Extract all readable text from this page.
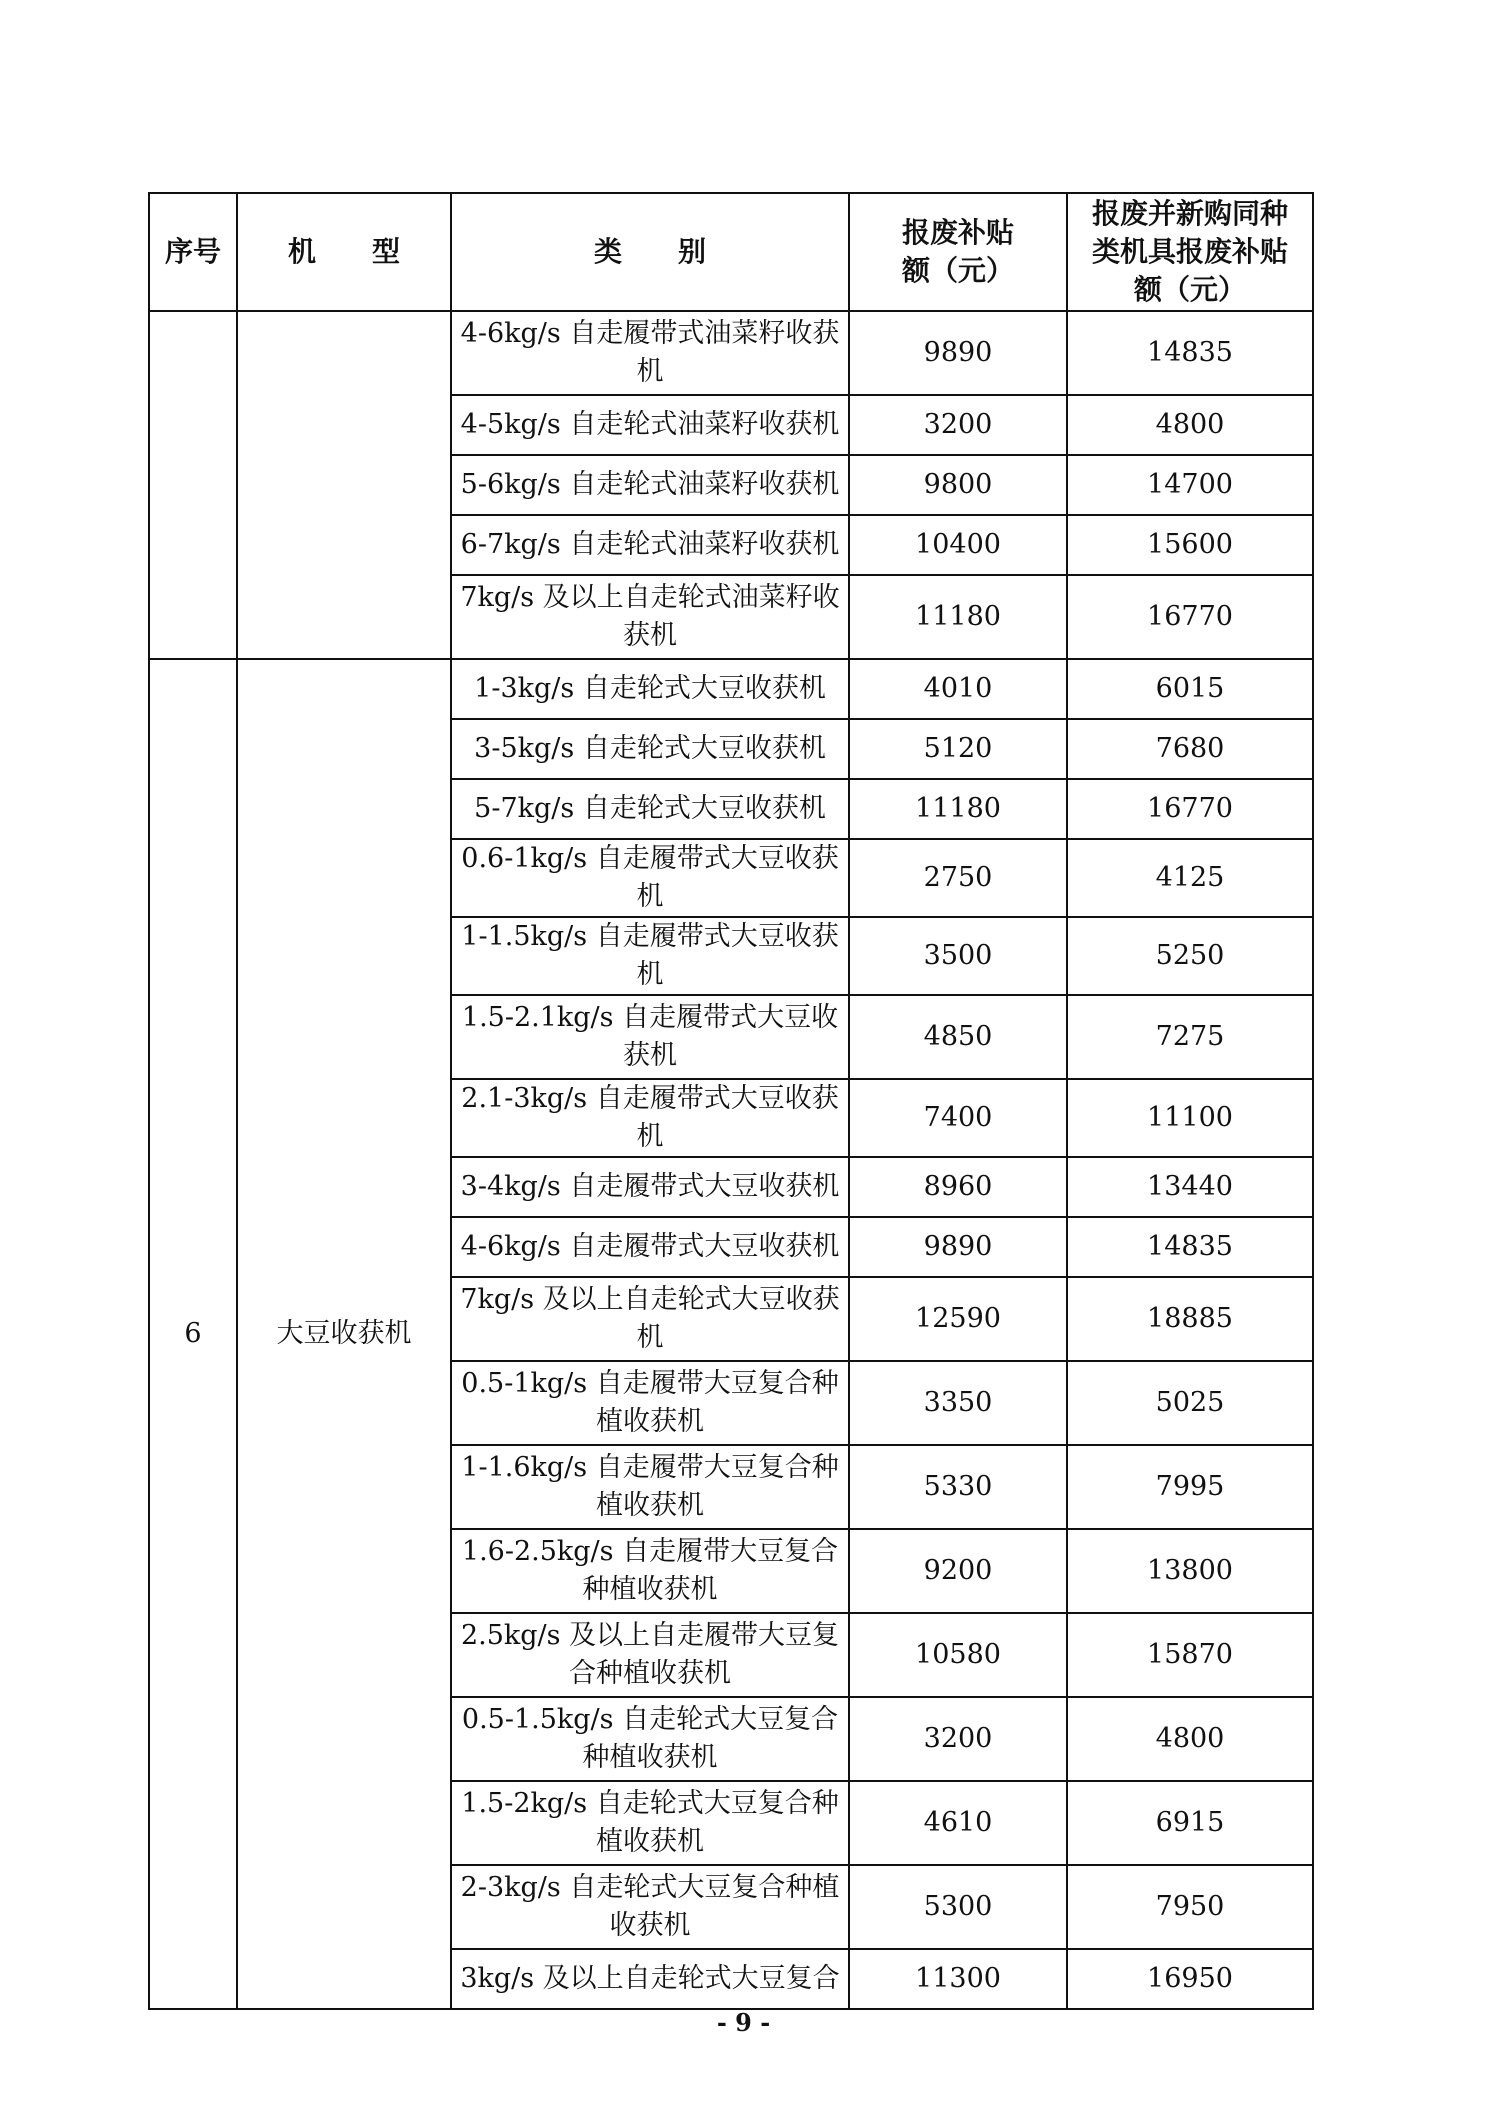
序号	机　　型	类　　别	报废补贴额（元）	报废并新购同种类机具报废补贴额（元）
		4-6kg/s 自走履带式油菜籽收获机	9890	14835
		4-5kg/s 自走轮式油菜籽收获机	3200	4800
		5-6kg/s 自走轮式油菜籽收获机	9800	14700
		6-7kg/s 自走轮式油菜籽收获机	10400	15600
		7kg/s 及以上自走轮式油菜籽收获机	11180	16770
6	大豆收获机	1-3kg/s 自走轮式大豆收获机	4010	6015
		3-5kg/s 自走轮式大豆收获机	5120	7680
		5-7kg/s 自走轮式大豆收获机	11180	16770
		0.6-1kg/s 自走履带式大豆收获机	2750	4125
		1-1.5kg/s 自走履带式大豆收获机	3500	5250
		1.5-2.1kg/s 自走履带式大豆收获机	4850	7275
		2.1-3kg/s 自走履带式大豆收获机	7400	11100
		3-4kg/s 自走履带式大豆收获机	8960	13440
		4-6kg/s 自走履带式大豆收获机	9890	14835
		7kg/s 及以上自走轮式大豆收获机	12590	18885
		0.5-1kg/s 自走履带大豆复合种植收获机	3350	5025
		1-1.6kg/s 自走履带大豆复合种植收获机	5330	7995
		1.6-2.5kg/s 自走履带大豆复合种植收获机	9200	13800
		2.5kg/s 及以上自走履带大豆复合种植收获机	10580	15870
		0.5-1.5kg/s 自走轮式大豆复合种植收获机	3200	4800
		1.5-2kg/s 自走轮式大豆复合种植收获机	4610	6915
		2-3kg/s 自走轮式大豆复合种植收获机	5300	7950
		3kg/s 及以上自走轮式大豆复合	11300	16950
- 9 -
